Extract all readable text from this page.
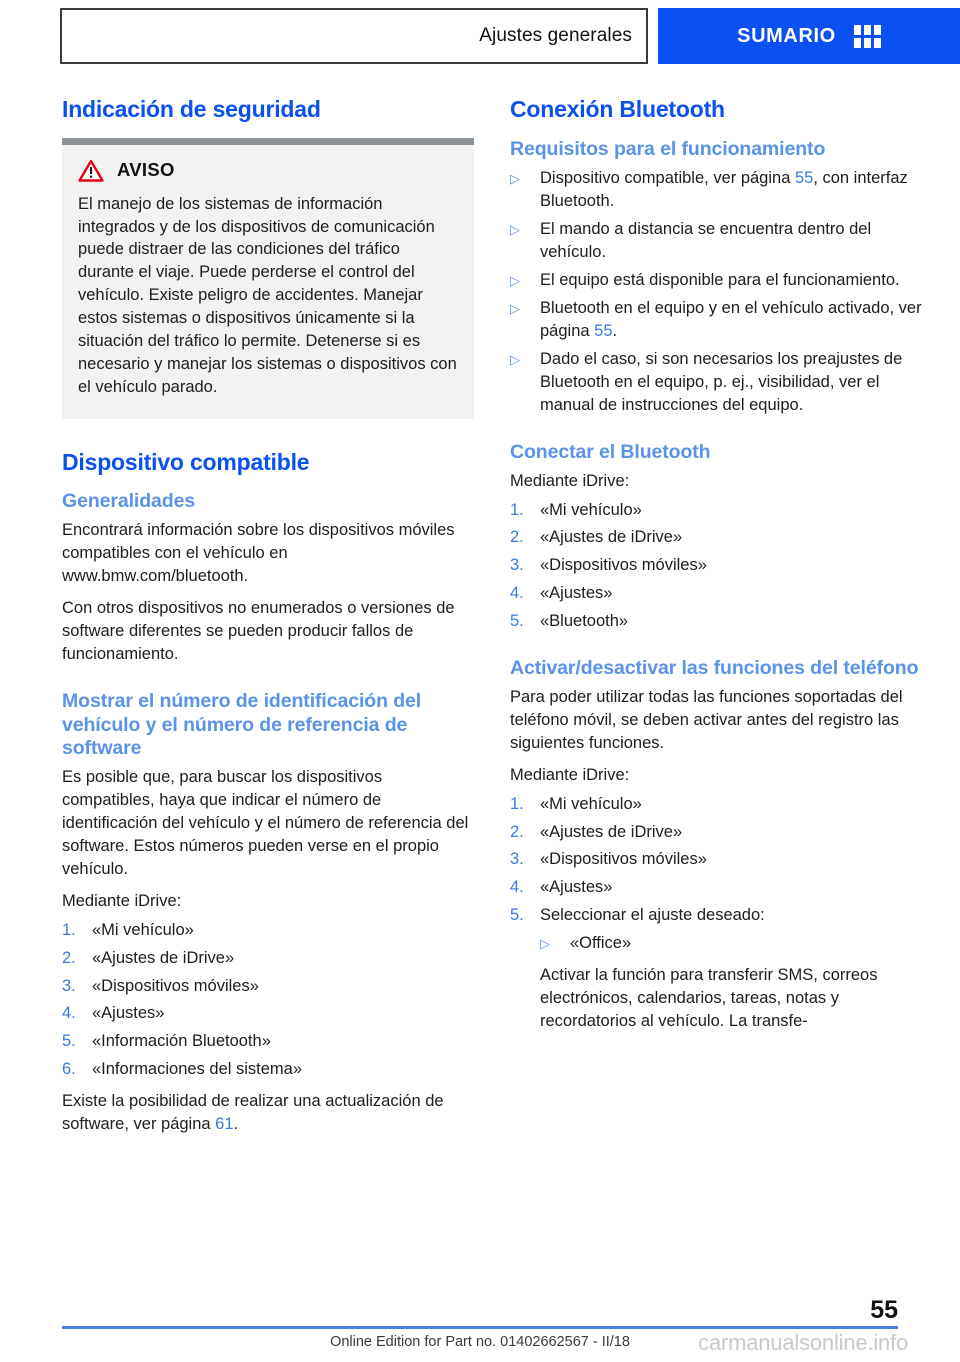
Ajustes generales	SUMARIO
Indicación de seguridad
AVISO

El manejo de los sistemas de información integrados y de los dispositivos de comunicación puede distraer de las condiciones del tráfico durante el viaje. Puede perderse el control del vehículo. Existe peligro de accidentes. Manejar estos sistemas o dispositivos únicamente si la situación del tráfico lo permite. Detenerse si es necesario y manejar los sistemas o dispositivos con el vehículo parado.

Dispositivo compatible
Generalidades

Encontrará información sobre los dispositivos móviles compatibles con el vehículo en www.bmw.com/bluetooth.

Con otros dispositivos no enumerados o versiones de software diferentes se pueden producir fallos de funcionamiento.

Mostrar el número de identificación del vehículo y el número de referencia de software

Es posible que, para buscar los dispositivos compatibles, haya que indicar el número de identificación del vehículo y el número de referencia del software. Estos números pueden verse en el propio vehículo.

Mediante iDrive:

1. «Mi vehículo»
2. «Ajustes de iDrive»
3. «Dispositivos móviles»
4. «Ajustes»
5. «Información Bluetooth»
6. «Informaciones del sistema»

Existe la posibilidad de realizar una actualización de software, ver página 61.

Conexión Bluetooth
Requisitos para el funcionamiento
▷	Dispositivo compatible, ver página 55, con interfaz Bluetooth.
▷	El mando a distancia se encuentra dentro del vehículo.
▷	El equipo está disponible para el funcionamiento.
▷	Bluetooth en el equipo y en el vehículo activado, ver página 55.
▷	Dado el caso, si son necesarios los preajustes de Bluetooth en el equipo, p. ej., visibilidad, ver el manual de instrucciones del equipo.
Conectar el Bluetooth

Mediante iDrive:

1. «Mi vehículo»
2. «Ajustes de iDrive»
3. «Dispositivos móviles»
4. «Ajustes»
5. «Bluetooth»
Activar/desactivar las funciones del teléfono

Para poder utilizar todas las funciones soportadas del teléfono móvil, se deben activar antes del registro las siguientes funciones.

Mediante iDrive:

1. «Mi vehículo»
2. «Ajustes de iDrive»
3. «Dispositivos móviles»
4. «Ajustes»
5. Seleccionar el ajuste deseado:
▷	«Office»

Activar la función para transferir SMS, correos electrónicos, calendarios, tareas, notas y recordatorios al vehículo. La transfe-

55
Online Edition for Part no. 01402662567 - II/18	carmanualsonline.info
